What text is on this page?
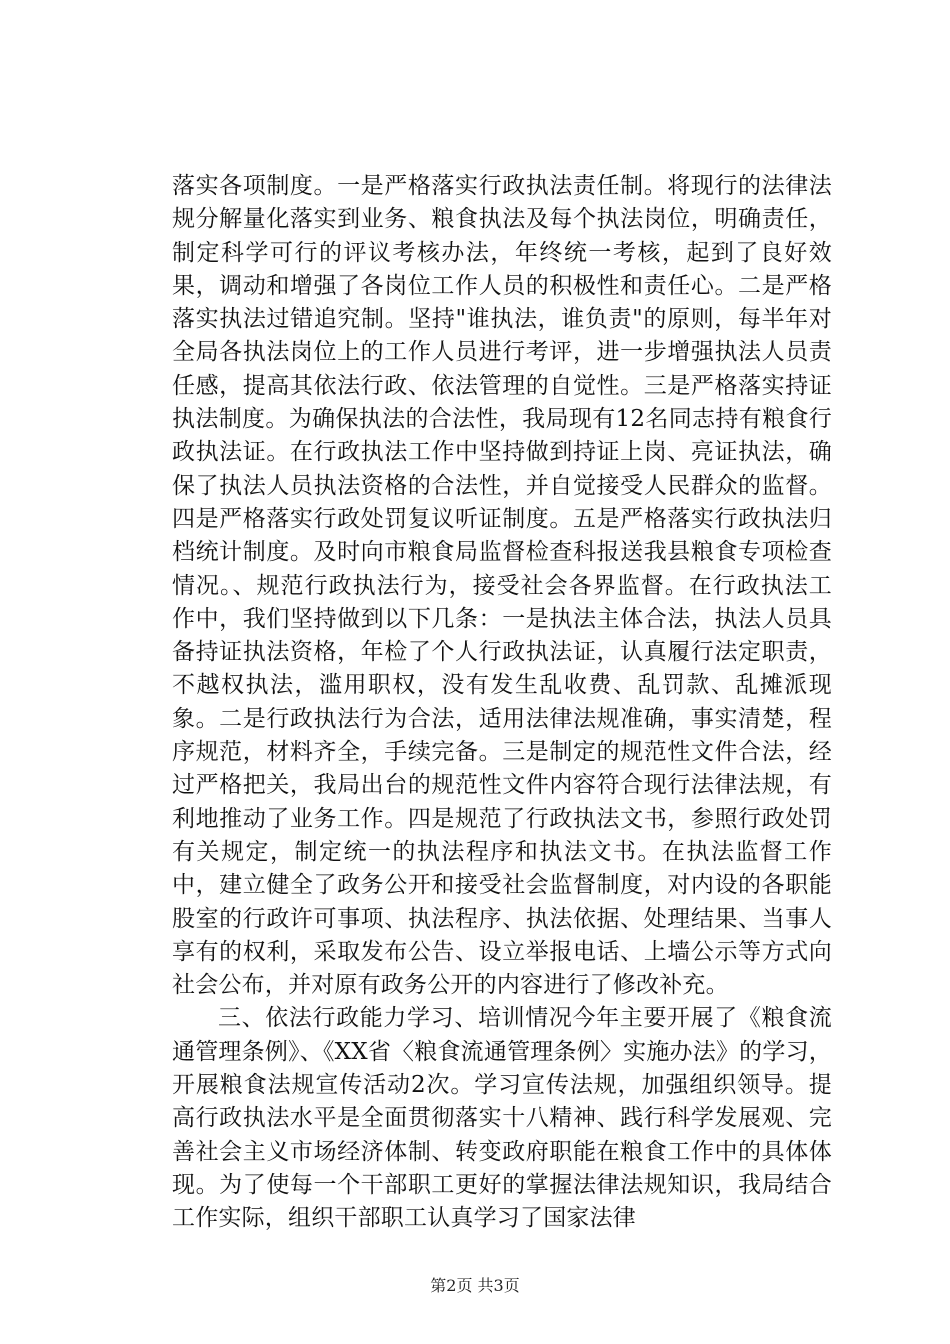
落实各项制度。一是严格落实行政执法责任制。将现行的法律法规分解量化落实到业务、粮食执法及每个执法岗位，明确责任，制定科学可行的评议考核办法，年终统一考核，起到了良好效果，调动和增强了各岗位工作人员的积极性和责任心。二是严格落实执法过错追究制。坚持"谁执法，谁负责"的原则，每半年对全局各执法岗位上的工作人员进行考评，进一步增强执法人员责任感，提高其依法行政、依法管理的自觉性。三是严格落实持证执法制度。为确保执法的合法性，我局现有12名同志持有粮食行政执法证。在行政执法工作中坚持做到持证上岗、亮证执法，确保了执法人员执法资格的合法性，并自觉接受人民群众的监督。四是严格落实行政处罚复议听证制度。五是严格落实行政执法归档统计制度。及时向市粮食局监督检查科报送我县粮食专项检查情况。、规范行政执法行为，接受社会各界监督。在行政执法工作中，我们坚持做到以下几条：一是执法主体合法，执法人员具备持证执法资格，年检了个人行政执法证，认真履行法定职责，不越权执法，滥用职权，没有发生乱收费、乱罚款、乱摊派现象。二是行政执法行为合法，适用法律法规准确，事实清楚，程序规范，材料齐全，手续完备。三是制定的规范性文件合法，经过严格把关，我局出台的规范性文件内容符合现行法律法规，有利地推动了业务工作。四是规范了行政执法文书，参照行政处罚有关规定，制定统一的执法程序和执法文书。在执法监督工作中，建立健全了政务公开和接受社会监督制度，对内设的各职能股室的行政许可事项、执法程序、执法依据、处理结果、当事人享有的权利，采取发布公告、设立举报电话、上墙公示等方式向社会公布，并对原有政务公开的内容进行了修改补充。

三、依法行政能力学习、培训情况今年主要开展了《粮食流通管理条例》、《XX省〈粮食流通管理条例〉实施办法》的学习，开展粮食法规宣传活动2次。学习宣传法规，加强组织领导。提高行政执法水平是全面贯彻落实十八精神、践行科学发展观、完善社会主义市场经济体制、转变政府职能在粮食工作中的具体体现。为了使每一个干部职工更好的掌握法律法规知识，我局结合工作实际，组织干部职工认真学习了国家法律

第2页 共3页
